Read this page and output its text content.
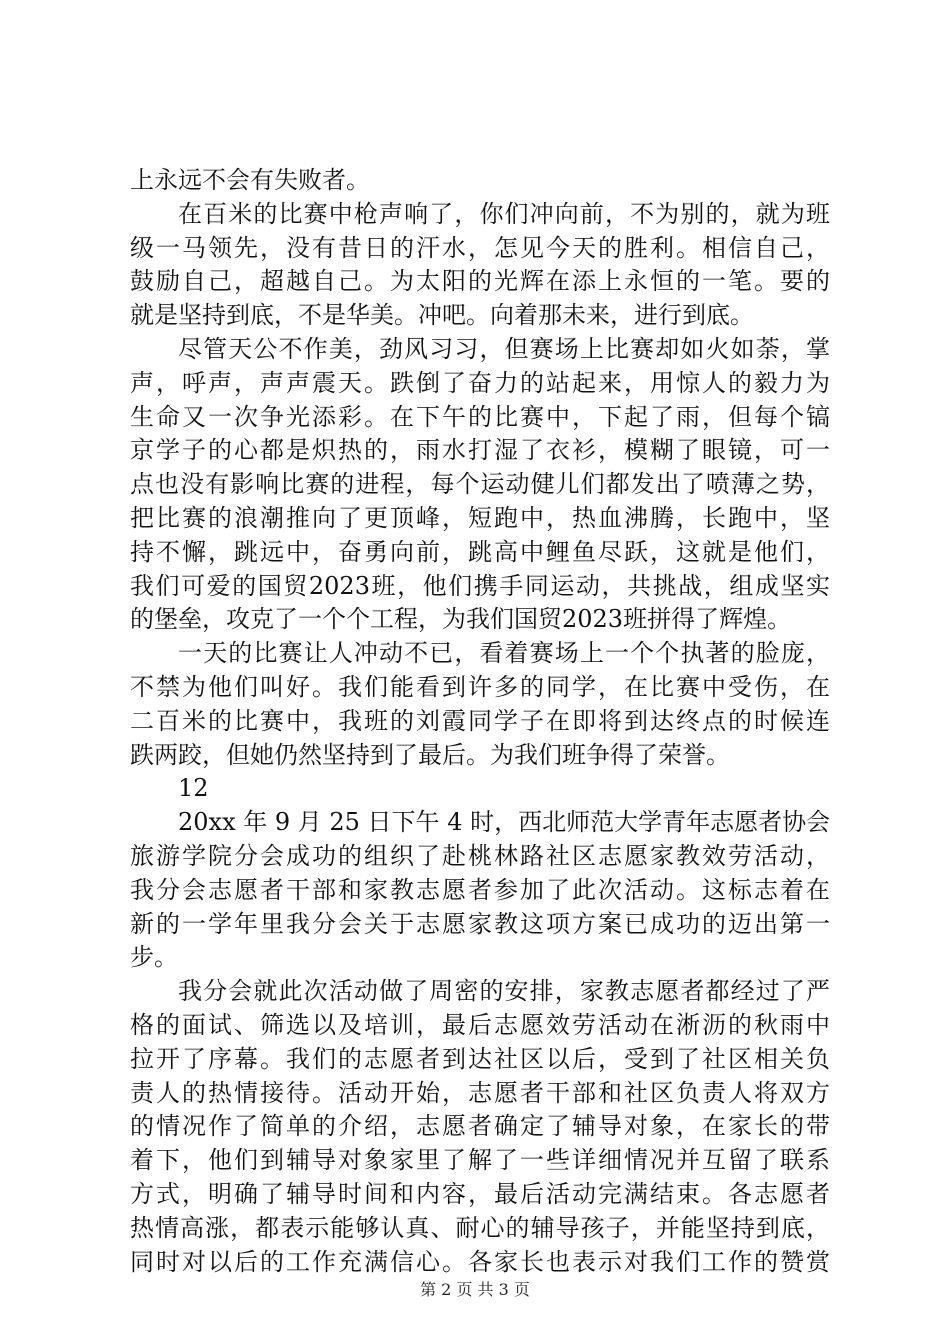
上永远不会有失败者。
在百米的比赛中枪声响了，你们冲向前，不为别的，就为班
级一马领先，没有昔日的汗水，怎见今天的胜利。相信自己，
鼓励自己，超越自己。为太阳的光辉在添上永恒的一笔。要的
就是坚持到底，不是华美。冲吧。向着那未来，进行到底。
尽管天公不作美，劲风习习，但赛场上比赛却如火如荼，掌
声，呼声，声声震天。跌倒了奋力的站起来，用惊人的毅力为
生命又一次争光添彩。在下午的比赛中，下起了雨，但每个镐
京学子的心都是炽热的，雨水打湿了衣衫，模糊了眼镜，可一
点也没有影响比赛的进程，每个运动健儿们都发出了喷薄之势，
把比赛的浪潮推向了更顶峰，短跑中，热血沸腾，长跑中，坚
持不懈，跳远中，奋勇向前，跳高中鲤鱼尽跃，这就是他们，
我们可爱的国贸2023班，他们携手同运动，共挑战，组成坚实
的堡垒，攻克了一个个工程，为我们国贸2023班拼得了辉煌。
一天的比赛让人冲动不已，看着赛场上一个个执著的脸庞，
不禁为他们叫好。我们能看到许多的同学，在比赛中受伤，在
二百米的比赛中，我班的刘霞同学子在即将到达终点的时候连
跌两跤，但她仍然坚持到了最后。为我们班争得了荣誉。
12
20xx 年 9 月 25 日下午 4 时，西北师范大学青年志愿者协会
旅游学院分会成功的组织了赴桃林路社区志愿家教效劳活动，
我分会志愿者干部和家教志愿者参加了此次活动。这标志着在
新的一学年里我分会关于志愿家教这项方案已成功的迈出第一
步。
我分会就此次活动做了周密的安排，家教志愿者都经过了严
格的面试、筛选以及培训，最后志愿效劳活动在淅沥的秋雨中
拉开了序幕。我们的志愿者到达社区以后，受到了社区相关负
责人的热情接待。活动开始，志愿者干部和社区负责人将双方
的情况作了简单的介绍，志愿者确定了辅导对象，在家长的带
着下，他们到辅导对象家里了解了一些详细情况并互留了联系
方式，明确了辅导时间和内容，最后活动完满结束。各志愿者
热情高涨，都表示能够认真、耐心的辅导孩子，并能坚持到底，
同时对以后的工作充满信心。各家长也表示对我们工作的赞赏
第 2 页 共 3 页
